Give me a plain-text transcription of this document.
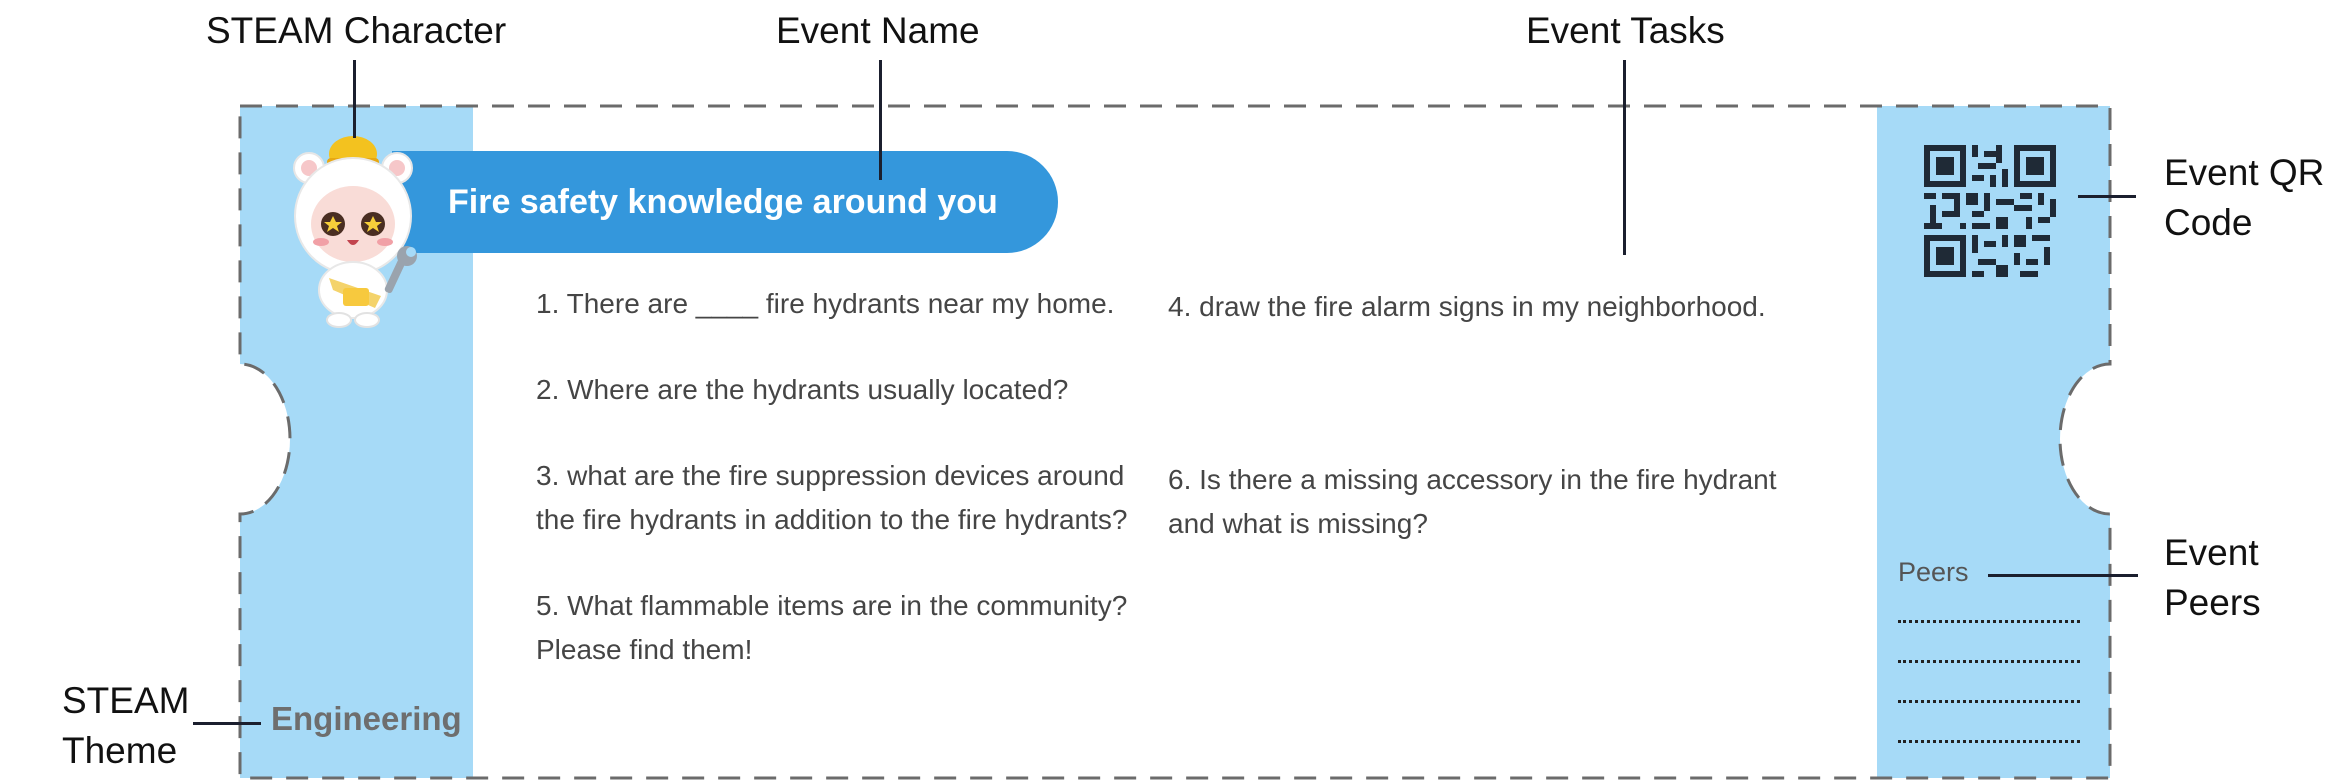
Fire safety knowledge around you
1. There are ____ fire hydrants near my home.
2. Where are the hydrants usually located?
3. what are the fire suppression devices around
the fire hydrants in addition to the fire hydrants?
5. What flammable items are in the community?
Please find them!
4. draw the fire alarm signs in my neighborhood.
6. Is there a missing accessory in the fire hydrant
and what is missing?
Engineering
Peers
STEAM Character	Event Name	Event Tasks
Event QR
Code
Event
Peers
STEAM
Theme
